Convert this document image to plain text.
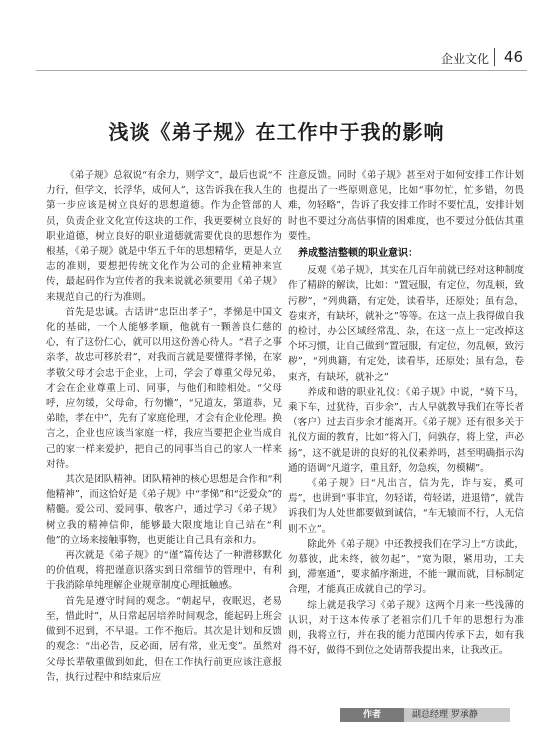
企业文化 46
浅谈《弟子规》在工作中于我的影响

《弟子规》总叙说“有余力，则学文”，最后也说“不力行，但学文，长浮华，成何人”，这告诉我在我人生的第一步应该是树立良好的思想道德。作为企管部的人员，负责企业文化宣传这块的工作，我更要树立良好的职业道德，树立良好的职业道德就需要优良的思想作为根基，《弟子规》就是中华五千年的思想精华，更是人立志的准则，要想把传统文化作为公司的企业精神来宣传，最起码作为宣传者的我来说就必须要用《弟子规》来规范自己的行为准则。

首先是忠诚。古话讲“忠臣出孝子”，孝悌是中国文化的基础，一个人能够孝顺，他就有一颗善良仁慈的心，有了这份仁心，就可以用这份善心待人。“君子之事亲孝，故忠可移於君”，对我而言就是要懂得孝悌，在家孝敬父母才会忠于企业，上司，学会了尊重父母兄弟，才会在企业尊重上司、同事，与他们和睦相处。“父母呼，应勿缓，父母命，行勿懒”，“兄道友，第道恭，兄弟睦，孝在中”，先有了家庭伦理，才会有企业伦理。换言之，企业也应该当家庭一样，我应当要把企业当成自己的家一样来爱护，把自己的同事当自己的家人一样来对待。

其次是团队精神。团队精神的核心思想是合作和“利他精神”，而这恰好是《弟子规》中“孝悌”和“泛爱众”的精髓。爱公司、爱同事、敬客户，通过学习《弟子规》树立我的精神信仰，能够最大限度地让自己站在“利他”的立场来接触事物，也更能让自己具有亲和力。

再次就是《弟子规》的“谨”篇传达了一种潜移默化的价值观，将把谨意识落实到日常细节的管理中，有利于我消除单纯理解企业规章制度心理抵触感。

首先是遵守时间的观念。“朝起早，夜眠迟，老易至，惜此时”，从日常起居培养时间观念，能起码上班会做到不迟到，不早退。工作不拖后。其次是计划和反馈的观念：“出必告，反必面，居有常，业无变”。虽然对父母长辈敬重做到如此，但在工作执行前更应该注意报告，执行过程中和结束后应

注意反馈。同时《弟子规》甚至对于如何安排工作计划也提出了一些原则意见，比如“事勿忙，忙多错，勿畏难，勿轻略”，告诉了我安排工作时不要忙乱，安排计划时也不要过分高估事情的困难度，也不要过分低估其重要性。

养成整洁整顿的职业意识：

反观《弟子规》，其实在几百年前就已经对这种制度作了精辟的解读，比如：“置冠服，有定位，勿乱顿，致污秽”，“列典籍，有定处，读看毕，还原处；虽有急，卷束齐，有缺坏，就补之”等等。在这一点上我得做自我的检讨，办公区域经常乱、杂，在这一点上一定改掉这个坏习惯，让自己做到“置冠服，有定位，勿乱顿，致污秽”，“列典籍，有定处，读看毕，还原处；虽有急，卷束齐，有缺坏，就补之”

养成和谐的职业礼仪：《弟子规》中说，“骑下马，乘下车，过犹待，百步余”，古人早就教导我们在等长者（客户）过去百步余才能离开。《弟子规》还有很多关于礼仪方面的教育，比如“将入门，问孰存，将上堂，声必扬”，这不就是讲的良好的礼仪素养吗，甚至明确指示沟通的语调“凡道字，重且舒，勿急疾，勿模糊”。

《弟子规》曰“凡出言，信为先，诈与妄，奚可焉”，也讲到“事非宜，勿轻诺，苟轻诺，进退错”，就告诉我们为人处世都要做到诚信，“车无辕而不行，人无信则不立”。

除此外《弟子规》中还教授我们在学习上“方读此，勿慕彼，此未终，彼勿起”，“宽为限，紧用功，工夫到，滞塞通”，要求循序渐进，不能一蹴而就，目标制定合理，才能真正成就自己的学习。

综上就是我学习《弟子规》这两个月来一些浅薄的认识，对于这本传承了老祖宗们几千年的思想行为准则，我将立行，并在我的能力范围内传承下去，如有我得不好，做得不到位之处请帮我提出来，让我改正。

作者	副总经理 罗承静
